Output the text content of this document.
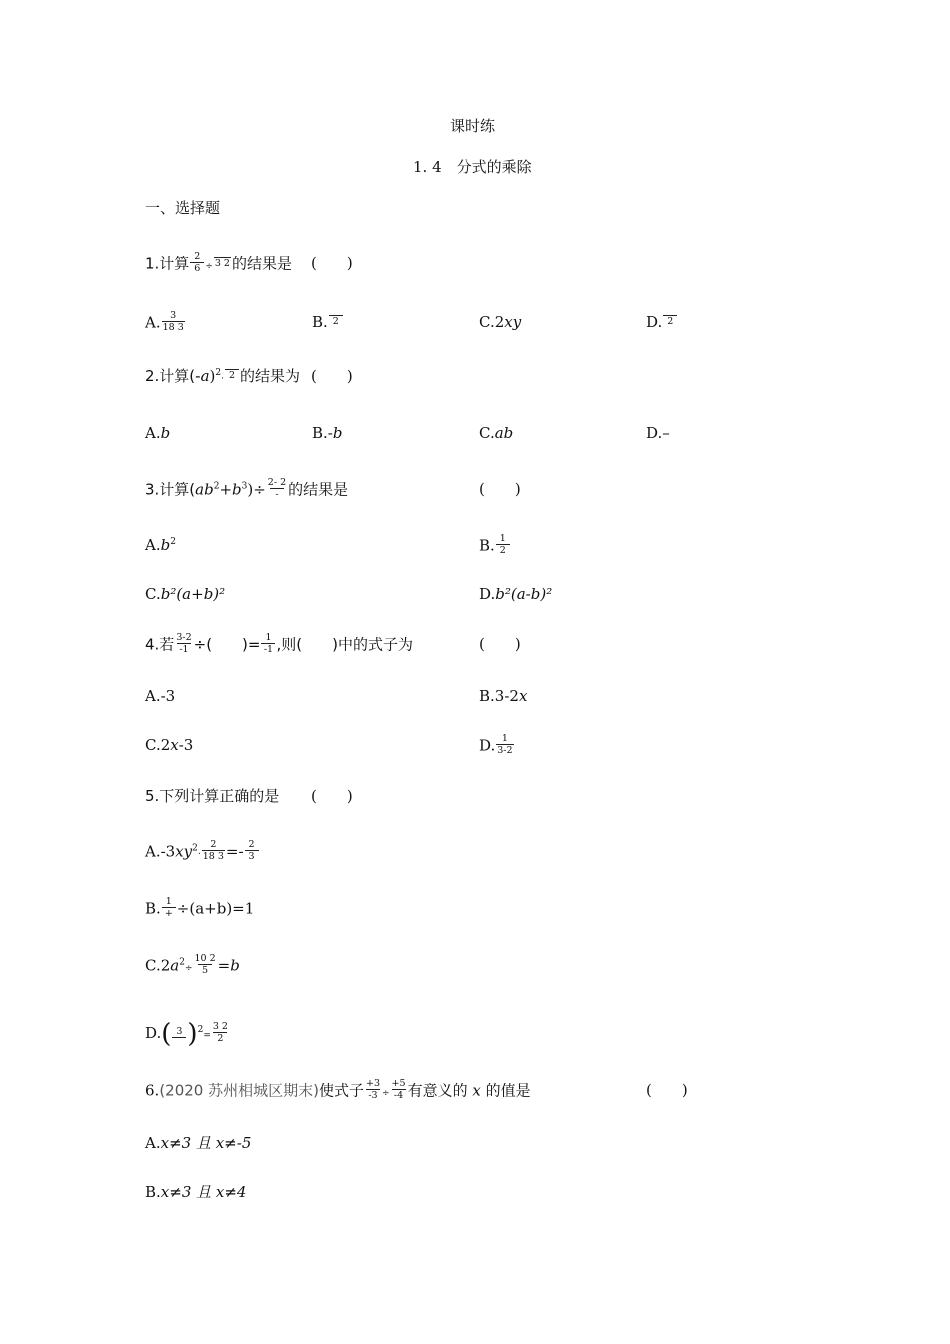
课时练
1. 4　分式的乘除
一、选择题
1.计算 $\frac{2}{6} \div 3$ 2 的结果是 (　　)
A. $\frac{3}{18 3}$	B. 2	C.2xy	D. 2
2.计算$(-a)^2\cdot 2$ 的结果为 (　　)
A.b	B.-b	C.ab	D.–
3.计算$(ab^2+b^3)\div \frac{2- 2}{-}$ 的结果是	(　　)
$A.b^2$	B. $\frac{1}{2}$
C.b²(a+b)²	D.b²(a-b)²
4.若 $\frac{3-2}{-1}$ ÷(　　)= $\frac{1}{-1}$ ,则(　　)中的式子为	(　　)
A.-3	B.3-2x
C.2x-3	D. $\frac{1}{3-2}$
5.下列计算正确的是 (　　)
$A.-3xy^2\cdot \frac{2}{18 3} =- \frac{2}{3}$
B. $\frac{1}{+} \div(a+b)=1$
$C.2a^2\div \frac{10 2}{5} =b$
D.( 3 )$^2= \frac{3 2}{2}$
6.(2020 苏州相城区期末)使式子 $\frac{+3}{-3} \div \frac{+5}{-4}$ 有意义的 x 的值是	(　　)
A.x≠3 且 x≠-5
B.x≠3 且 x≠4
